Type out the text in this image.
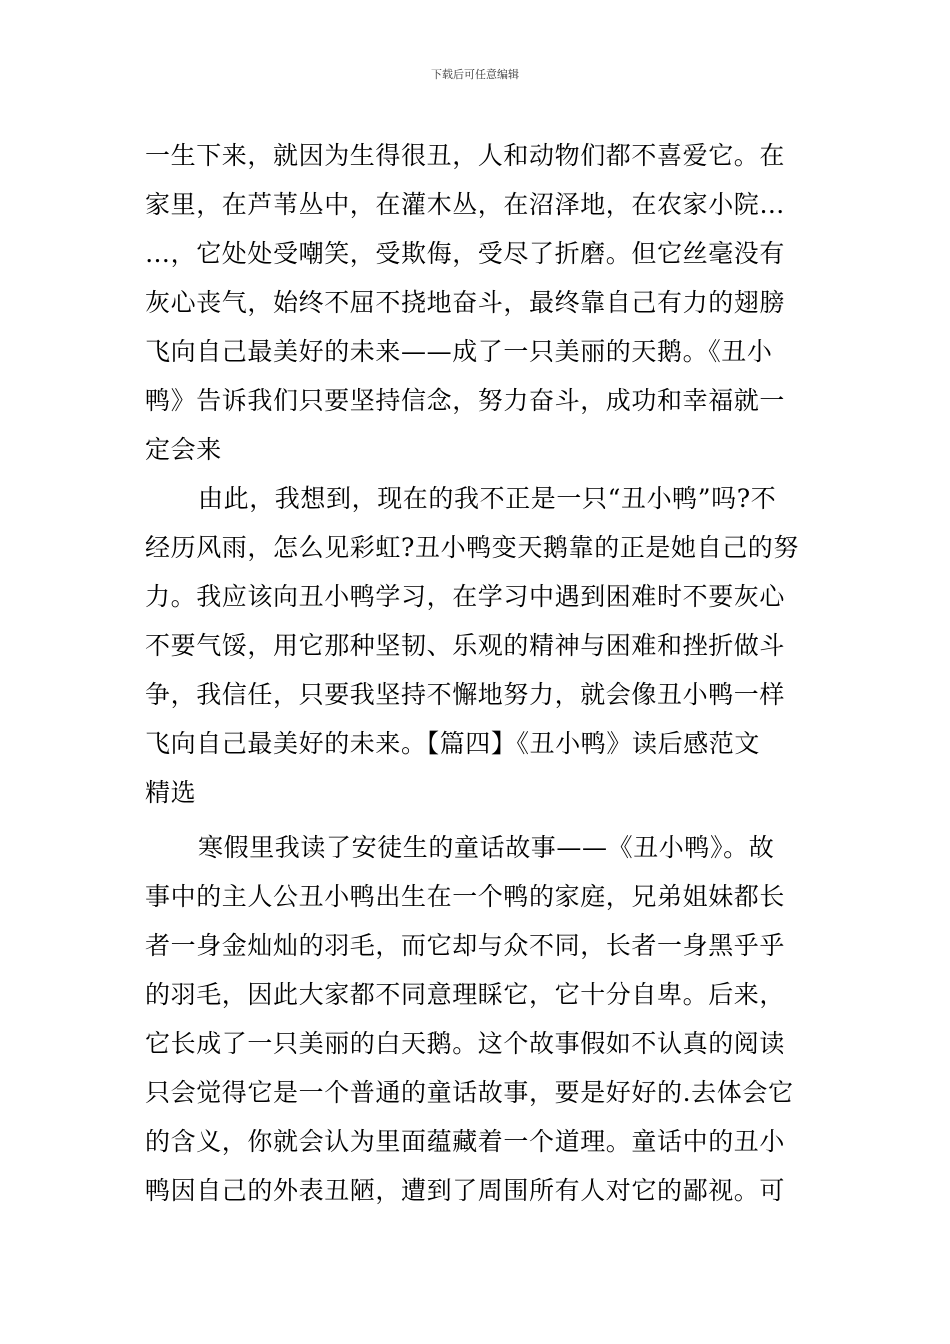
下载后可任意编辑
一生下来，就因为生得很丑，人和动物们都不喜爱它。在
家里，在芦苇丛中，在灌木丛，在沼泽地，在农家小院…
…，它处处受嘲笑，受欺侮，受尽了折磨。但它丝毫没有
灰心丧气，始终不屈不挠地奋斗，最终靠自己有力的翅膀
飞向自己最美好的未来——成了一只美丽的天鹅。《丑小
鸭》告诉我们只要坚持信念，努力奋斗，成功和幸福就一
定会来
由此，我想到，现在的我不正是一只“丑小鸭”吗?不
经历风雨，怎么见彩虹?丑小鸭变天鹅靠的正是她自己的努
力。我应该向丑小鸭学习，在学习中遇到困难时不要灰心
不要气馁，用它那种坚韧、乐观的精神与困难和挫折做斗
争，我信任，只要我坚持不懈地努力，就会像丑小鸭一样
飞向自己最美好的未来。【篇四】《丑小鸭》读后感范文
精选
寒假里我读了安徒生的童话故事——《丑小鸭》。故
事中的主人公丑小鸭出生在一个鸭的家庭，兄弟姐妹都长
者一身金灿灿的羽毛，而它却与众不同，长者一身黑乎乎
的羽毛，因此大家都不同意理睬它，它十分自卑。后来，
它长成了一只美丽的白天鹅。这个故事假如不认真的阅读
只会觉得它是一个普通的童话故事，要是好好的.去体会它
的含义，你就会认为里面蕴藏着一个道理。童话中的丑小
鸭因自己的外表丑陋，遭到了周围所有人对它的鄙视。可
